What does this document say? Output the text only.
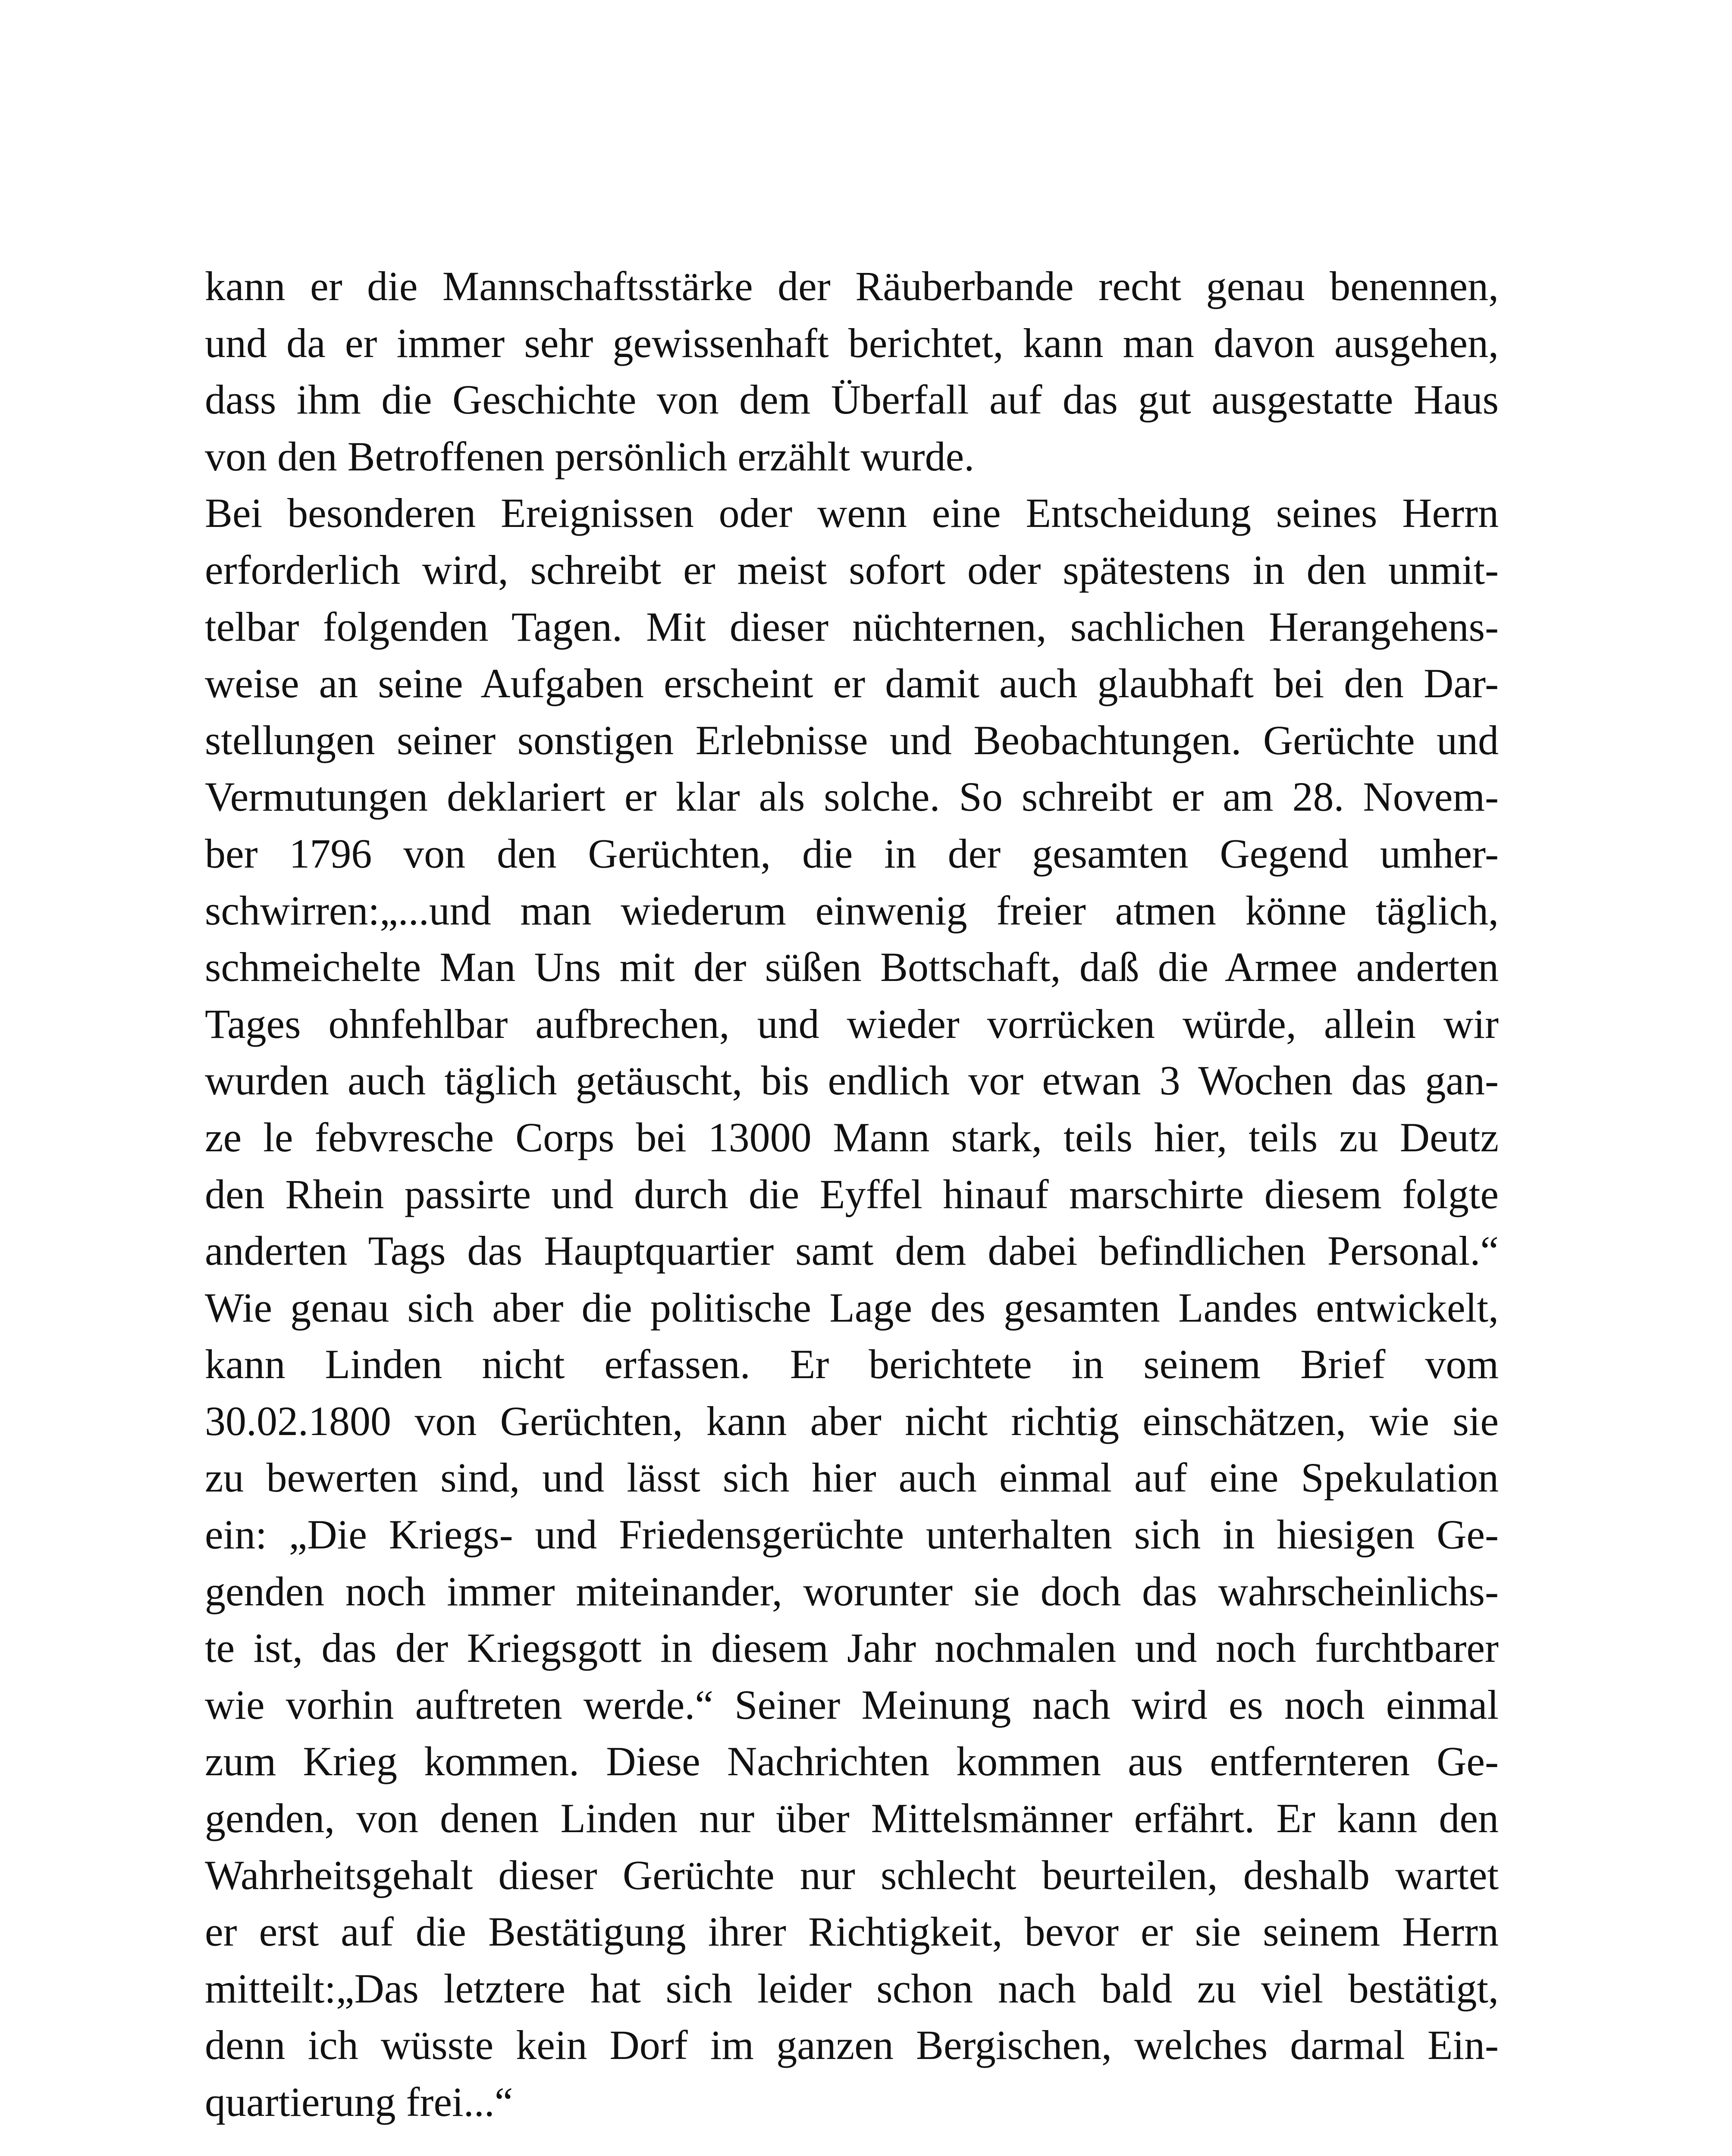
kann er die Mannschaftsstärke der Räuberbande recht genau benennen,
und da er immer sehr gewissenhaft berichtet, kann man davon ausgehen,
dass ihm die Geschichte von dem Überfall auf das gut ausgestatte Haus
von den Betroffenen persönlich erzählt wurde.
Bei besonderen Ereignissen oder wenn eine Entscheidung seines Herrn
erforderlich wird, schreibt er meist sofort oder spätestens in den unmit-
telbar folgenden Tagen. Mit dieser nüchternen, sachlichen Herangehens-
weise an seine Aufgaben erscheint er damit auch glaubhaft bei den Dar-
stellungen seiner sonstigen Erlebnisse und Beobachtungen. Gerüchte und
Vermutungen deklariert er klar als solche. So schreibt er am 28. Novem-
ber 1796 von den Gerüchten, die in der gesamten Gegend umher-
schwirren:„...und man wiederum einwenig freier atmen könne täglich,
schmeichelte Man Uns mit der süßen Bottschaft, daß die Armee anderten
Tages ohnfehlbar aufbrechen, und wieder vorrücken würde, allein wir
wurden auch täglich getäuscht, bis endlich vor etwan 3 Wochen das gan-
ze le febvresche Corps bei 13000 Mann stark, teils hier, teils zu Deutz
den Rhein passirte und durch die Eyffel hinauf marschirte diesem folgte
anderten Tags das Hauptquartier samt dem dabei befindlichen Personal.“
Wie genau sich aber die politische Lage des gesamten Landes entwickelt,
kann Linden nicht erfassen. Er berichtete in seinem Brief vom
30.02.1800 von Gerüchten, kann aber nicht richtig einschätzen, wie sie
zu bewerten sind, und lässt sich hier auch einmal auf eine Spekulation
ein: „Die Kriegs- und Friedensgerüchte unterhalten sich in hiesigen Ge-
genden noch immer miteinander, worunter sie doch das wahrscheinlichs-
te ist, das der Kriegsgott in diesem Jahr nochmalen und noch furchtbarer
wie vorhin auftreten werde.“ Seiner Meinung nach wird es noch einmal
zum Krieg kommen. Diese Nachrichten kommen aus entfernteren Ge-
genden, von denen Linden nur über Mittelsmänner erfährt. Er kann den
Wahrheitsgehalt dieser Gerüchte nur schlecht beurteilen, deshalb wartet
er erst auf die Bestätigung ihrer Richtigkeit, bevor er sie seinem Herrn
mitteilt:„Das letztere hat sich leider schon nach bald zu viel bestätigt,
denn ich wüsste kein Dorf im ganzen Bergischen, welches darmal Ein-
quartierung frei...“
